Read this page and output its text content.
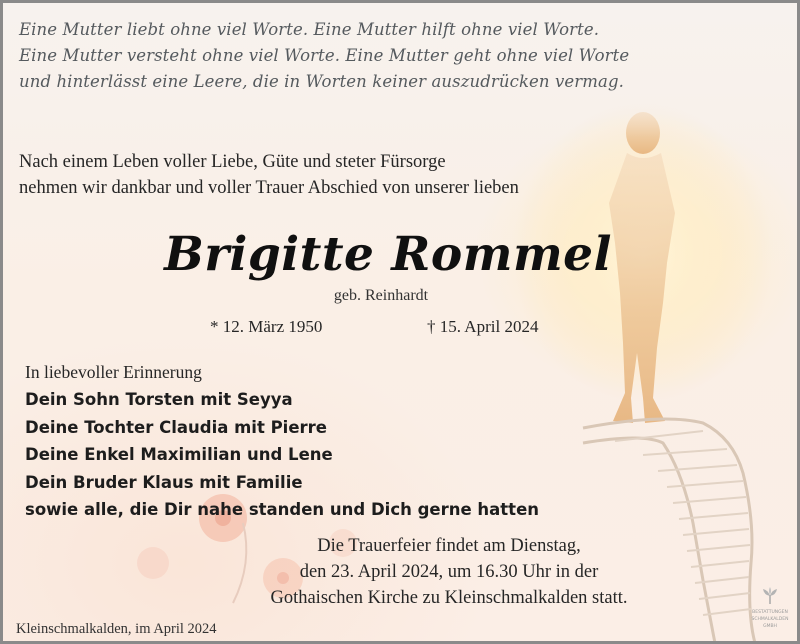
Eine Mutter liebt ohne viel Worte. Eine Mutter hilft ohne viel Worte.
Eine Mutter versteht ohne viel Worte. Eine Mutter geht ohne viel Worte
und hinterlässt eine Leere, die in Worten keiner auszudrücken vermag.
Nach einem Leben voller Liebe, Güte und steter Fürsorge
nehmen wir dankbar und voller Trauer Abschied von unserer lieben
Brigitte Rommel
geb. Reinhardt
* 12. März 1950	† 15. April 2024
In liebevoller Erinnerung
Dein Sohn Torsten mit Seyya
Deine Tochter Claudia mit Pierre
Deine Enkel Maximilian und Lene
Dein Bruder Klaus mit Familie
sowie alle, die Dir nahe standen und Dich gerne hatten
Die Trauerfeier findet am Dienstag,
den 23. April 2024, um 16.30 Uhr in der
Gothaischen Kirche zu Kleinschmalkalden statt.
Kleinschmalkalden, im April 2024
BESTATTUNGEN
SCHMALKALDEN
GMBH
